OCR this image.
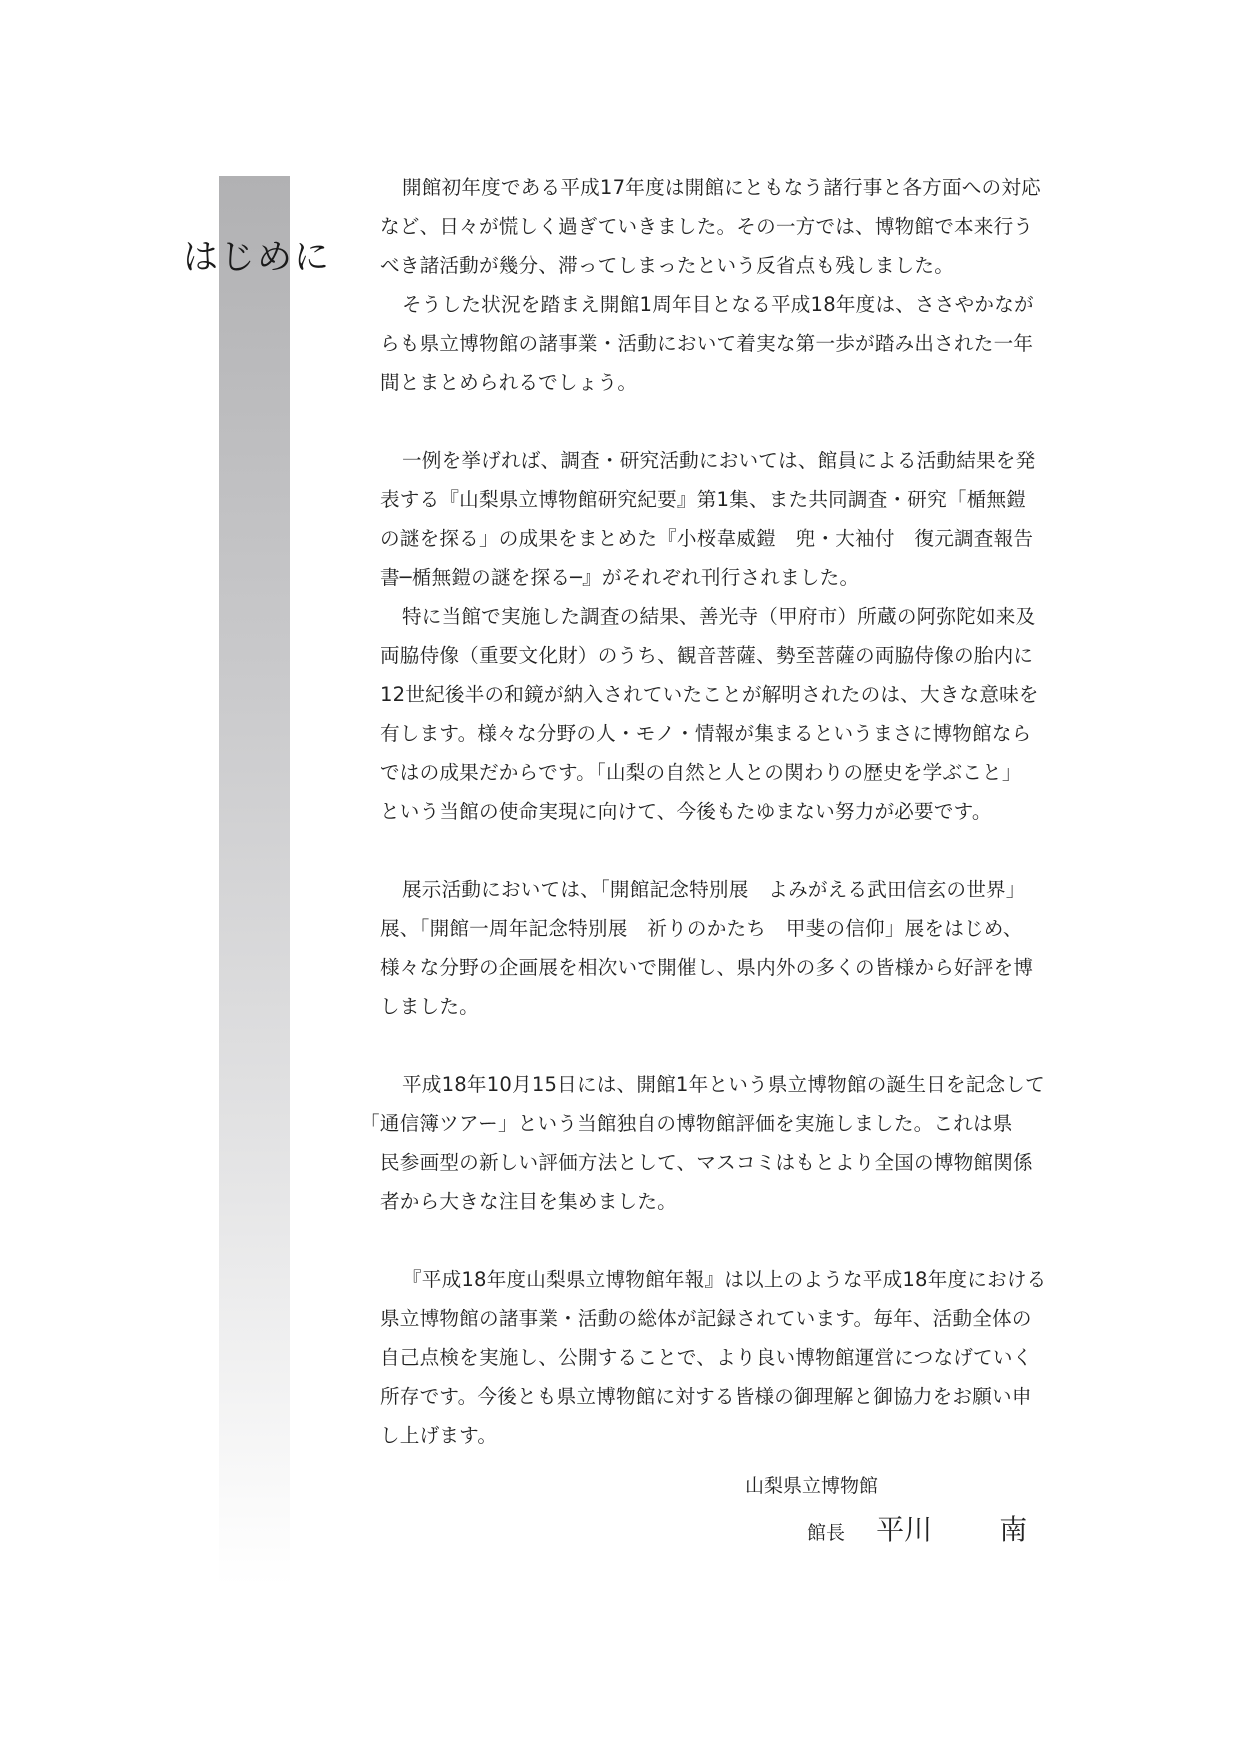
はじめに
開館初年度である平成17年度は開館にともなう諸行事と各方面への対応
など、日々が慌しく過ぎていきました。その一方では、博物館で本来行う
べき諸活動が幾分、滞ってしまったという反省点も残しました。
そうした状況を踏まえ開館1周年目となる平成18年度は、ささやかなが
らも県立博物館の諸事業・活動において着実な第一歩が踏み出された一年
間とまとめられるでしょう。
一例を挙げれば、調査・研究活動においては、館員による活動結果を発
表する『山梨県立博物館研究紀要』第1集、また共同調査・研究「楯無鎧
の謎を探る」の成果をまとめた『小桜韋威鎧　兜・大袖付　復元調査報告
書─楯無鎧の謎を探る─』がそれぞれ刊行されました。
特に当館で実施した調査の結果、善光寺（甲府市）所蔵の阿弥陀如来及
両脇侍像（重要文化財）のうち、観音菩薩、勢至菩薩の両脇侍像の胎内に
12世紀後半の和鏡が納入されていたことが解明されたのは、大きな意味を
有します。様々な分野の人・モノ・情報が集まるというまさに博物館なら
ではの成果だからです。「山梨の自然と人との関わりの歴史を学ぶこと」
という当館の使命実現に向けて、今後もたゆまない努力が必要です。
展示活動においては、「開館記念特別展　よみがえる武田信玄の世界」
展、「開館一周年記念特別展　祈りのかたち　甲斐の信仰」展をはじめ、
様々な分野の企画展を相次いで開催し、県内外の多くの皆様から好評を博
しました。
平成18年10月15日には、開館1年という県立博物館の誕生日を記念して
「通信簿ツアー」という当館独自の博物館評価を実施しました。これは県
民参画型の新しい評価方法として、マスコミはもとより全国の博物館関係
者から大きな注目を集めました。
『平成18年度山梨県立博物館年報』は以上のような平成18年度における
県立博物館の諸事業・活動の総体が記録されています。毎年、活動全体の
自己点検を実施し、公開することで、より良い博物館運営につなげていく
所存です。今後とも県立博物館に対する皆様の御理解と御協力をお願い申
し上げます。
山梨県立博物館
館長 平川 南
